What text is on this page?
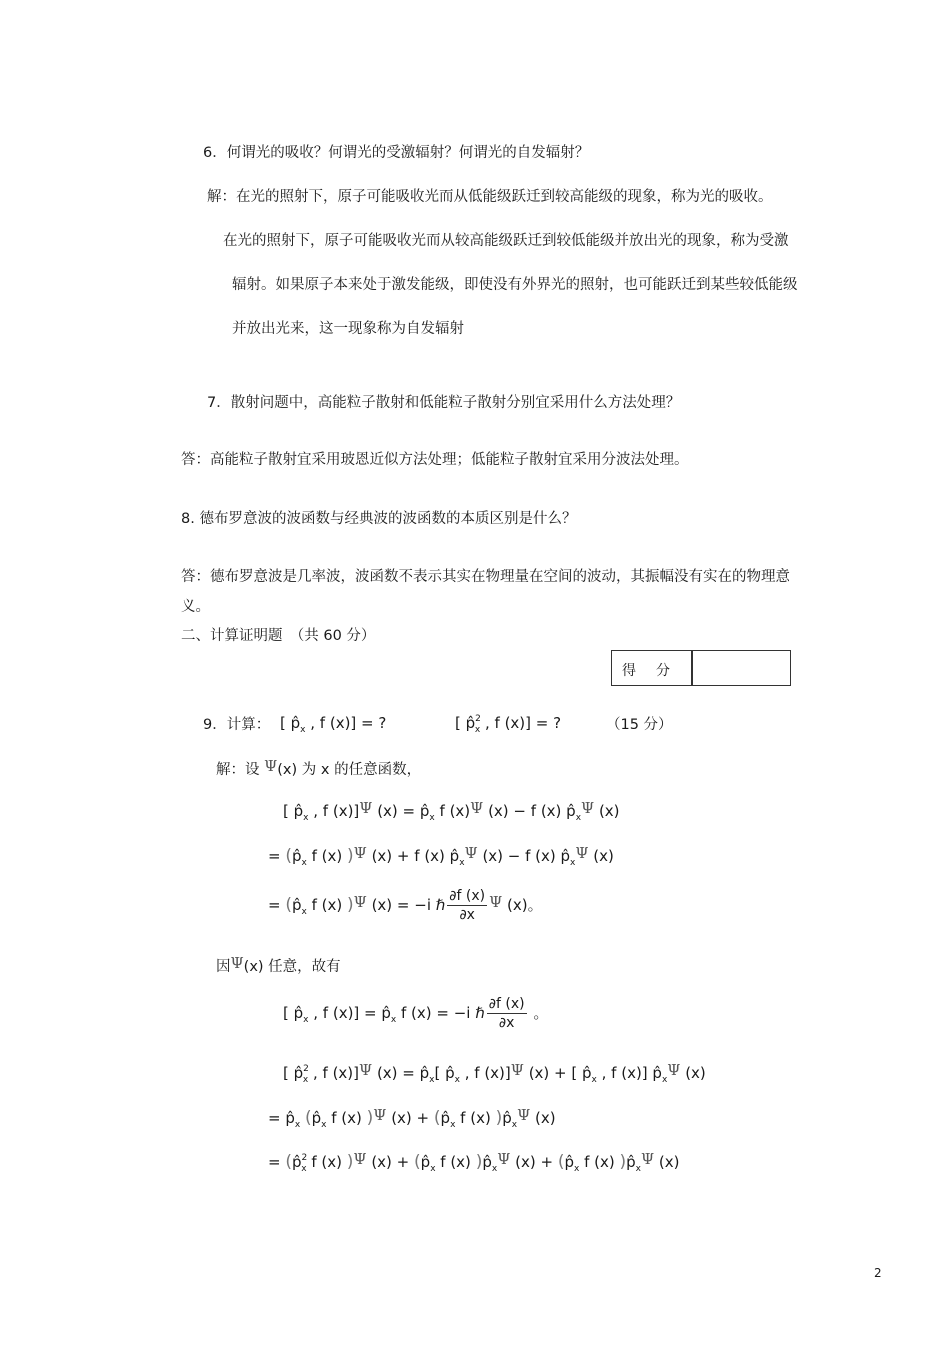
6．何谓光的吸收？何谓光的受激辐射？何谓光的自发辐射？
解：在光的照射下，原子可能吸收光而从低能级跃迁到较高能级的现象，称为光的吸收。
在光的照射下，原子可能吸收光而从较高能级跃迁到较低能级并放出光的现象，称为受激
辐射。如果原子本来处于激发能级，即使没有外界光的照射，也可能跃迁到某些较低能级
并放出光来，这一现象称为自发辐射
7．散射问题中，高能粒子散射和低能粒子散射分别宜采用什么方法处理？
答：高能粒子散射宜采用玻恩近似方法处理；低能粒子散射宜采用分波法处理。
8. 德布罗意波的波函数与经典波的波函数的本质区别是什么？
答：德布罗意波是几率波，波函数不表示其实在物理量在空间的波动，其振幅没有实在的物理意
义。
二、计算证明题　（共 60 分）
得分
9．计算： [ $p̂_x$ , f (x)] = ?	[ p̂$^2_x$ , f (x)] = ?	（15 分）
解：设 Ψ(x) 为 x 的任意函数，
[ $p̂_x$ , f (x)]Ψ $(x) = p̂_x$ f (x)Ψ (x) − f (x) $p̂_x\Psi$ (x)
= ($p̂_x$ f (x) )Ψ (x) + f (x) $p̂_x\Psi$ (x) − f (x) $p̂_x\Psi$ (x)
= ($p̂_x$ f (x) )Ψ (x) = −i ℏ $\frac{\partial f (x)}{\partial x}$ Ψ (x)。
因Ψ(x) 任意，故有
[ $p̂_x$ , f $(x)] = p̂_x$ f (x) = −i ℏ $\frac{\partial f (x)}{\partial x}$ 。
[ p̂$^2_x$ , f (x)]Ψ $(x) = p̂_x$[ $p̂_x$ , f (x)]Ψ (x) + [ $p̂_x$ , f (x)] $p̂_x\Psi$ (x)
= $p̂_x$ ($p̂_x$ f (x) )Ψ $(x) + (p̂_x$ f (x) )$p̂_x\Psi$ (x)
= (p̂$^2_x$ f (x) )Ψ $(x) + (p̂_x$ f (x) )$p̂_x\Psi$ $(x) + (p̂_x$ f (x) )$p̂_x\Psi$ (x)
2
